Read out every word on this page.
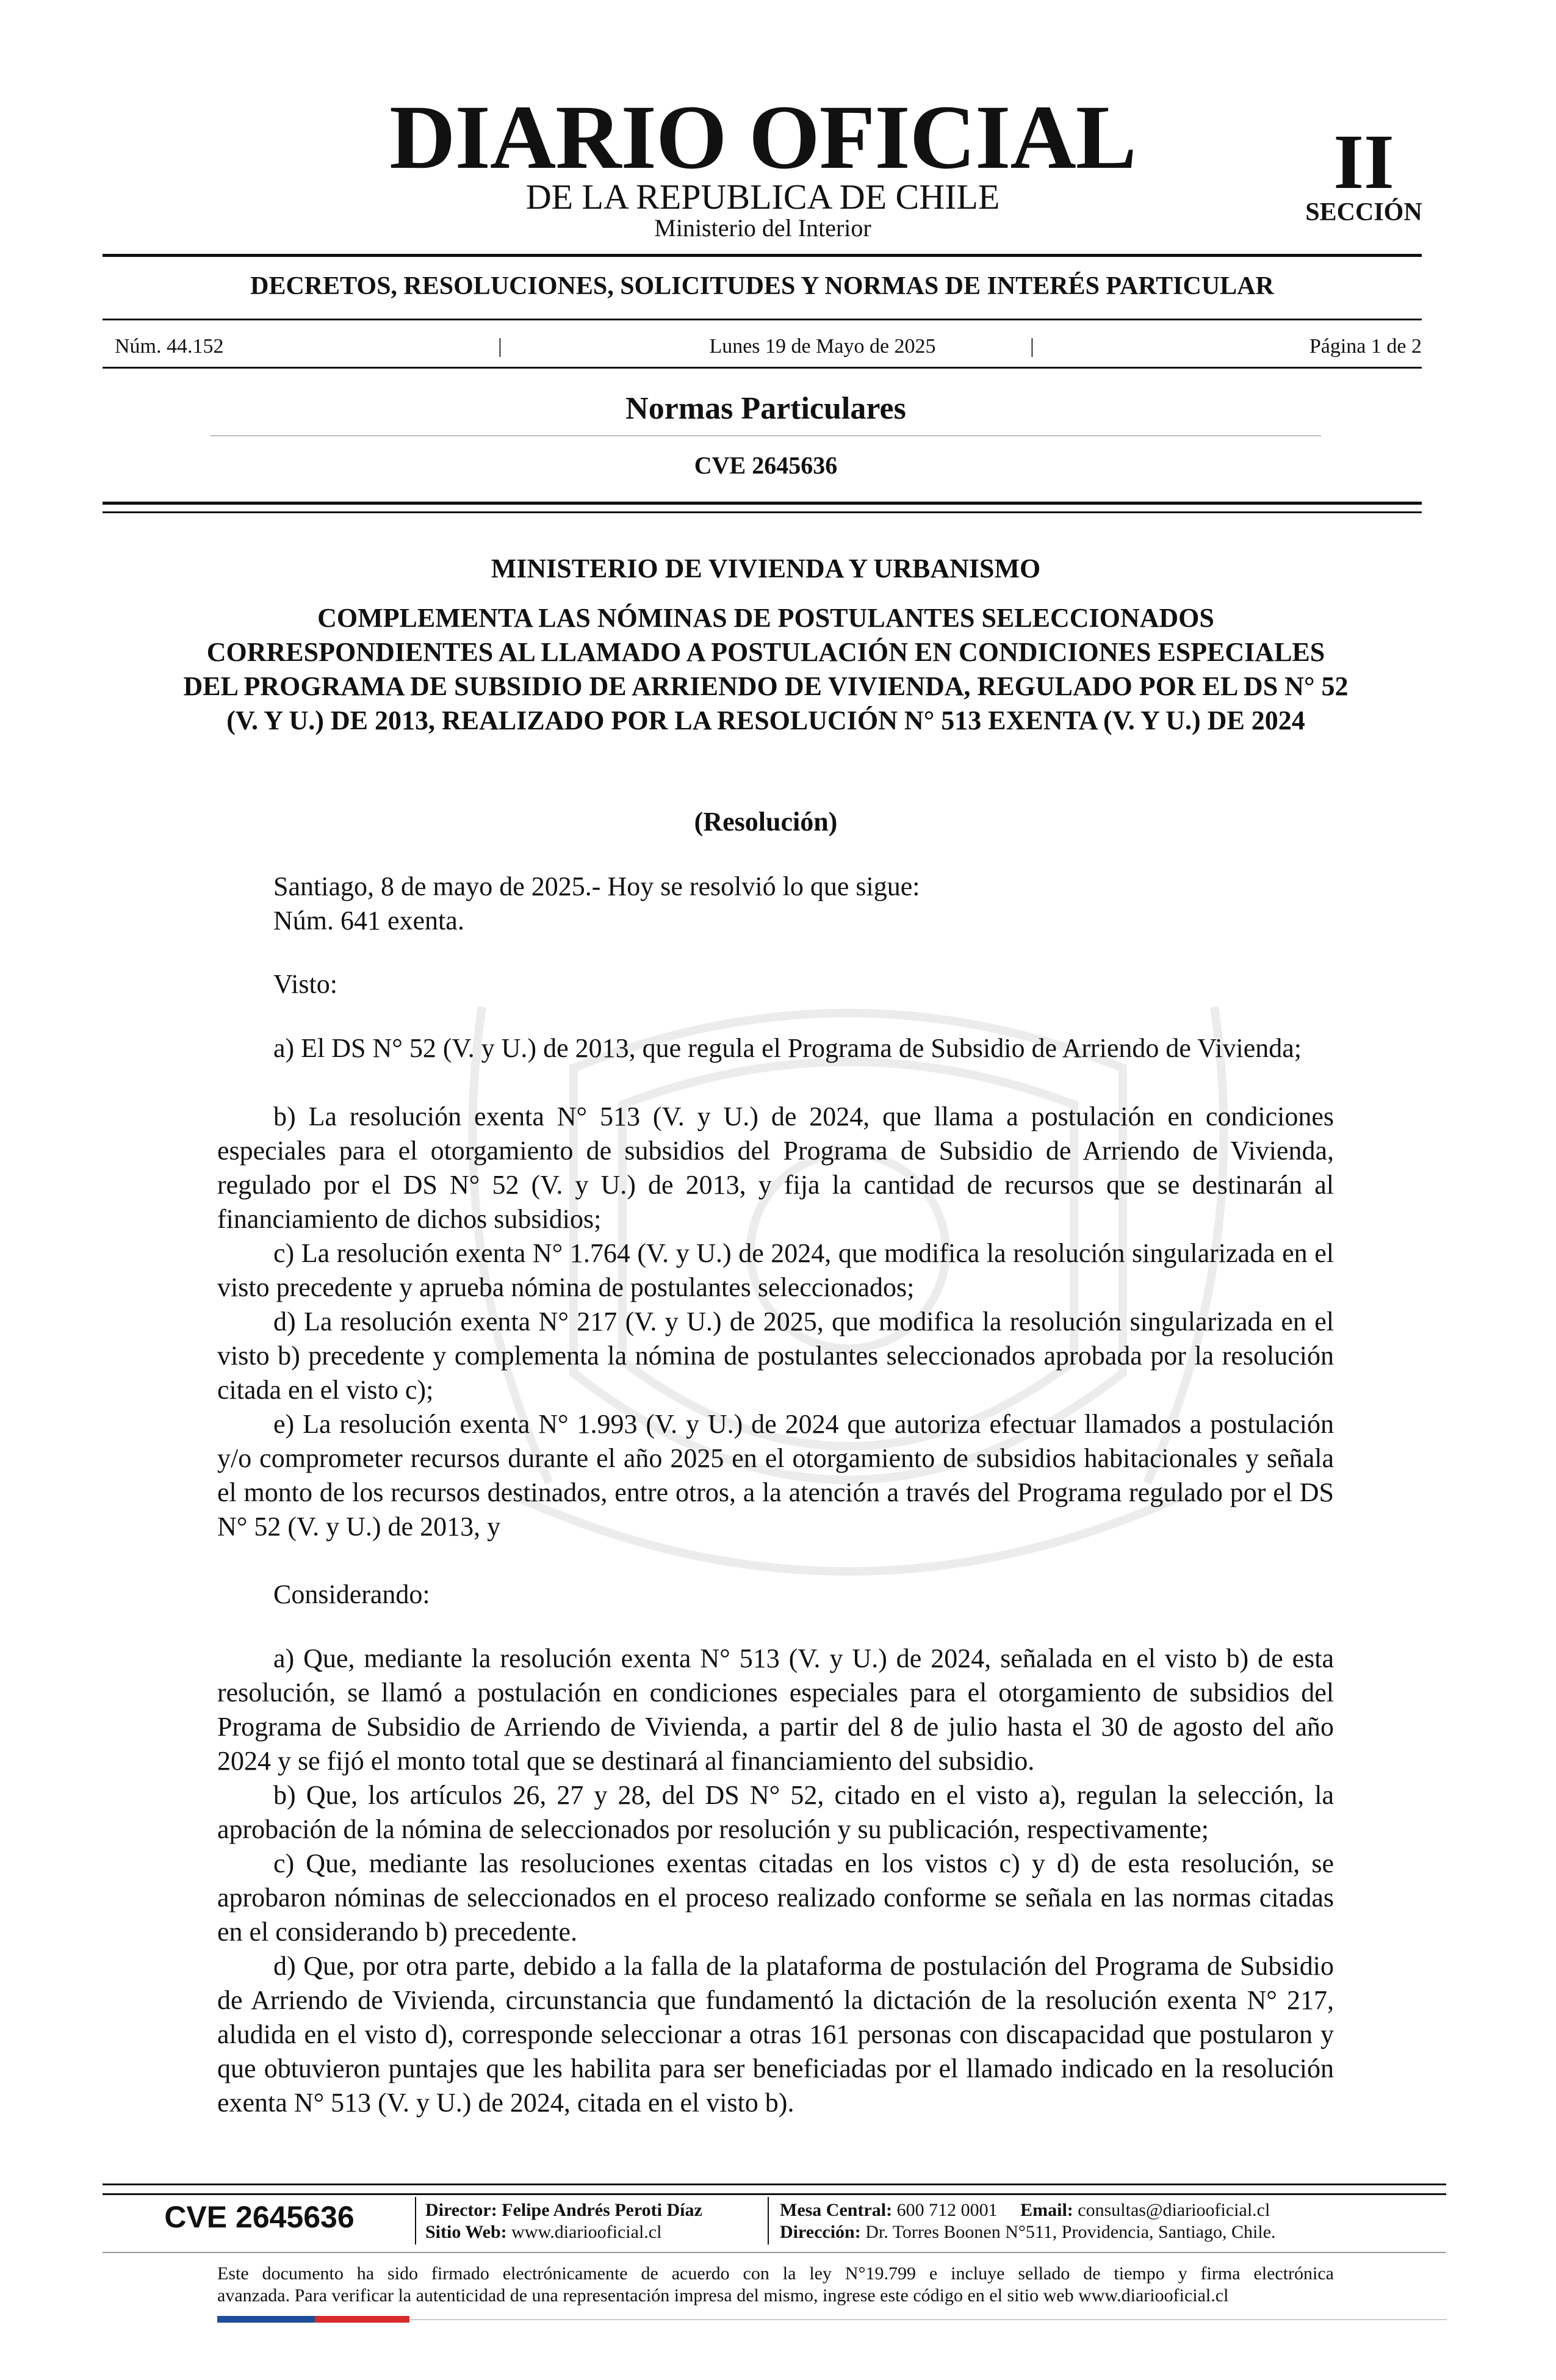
DIARIO OFICIAL
DE LA REPUBLICA DE CHILE
Ministerio del Interior
II
SECCIÓN
DECRETOS, RESOLUCIONES, SOLICITUDES Y NORMAS DE INTERÉS PARTICULAR
Núm. 44.152	|	Lunes 19 de Mayo de 2025	|	Página 1 de 2
Normas Particulares
CVE 2645636
MINISTERIO DE VIVIENDA Y URBANISMO
COMPLEMENTA LAS NÓMINAS DE POSTULANTES SELECCIONADOS CORRESPONDIENTES AL LLAMADO A POSTULACIÓN EN CONDICIONES ESPECIALES DEL PROGRAMA DE SUBSIDIO DE ARRIENDO DE VIVIENDA, REGULADO POR EL DS N° 52 (V. Y U.) DE 2013, REALIZADO POR LA RESOLUCIÓN N° 513 EXENTA (V. Y U.) DE 2024
(Resolución)

Santiago, 8 de mayo de 2025.- Hoy se resolvió lo que sigue:

Núm. 641 exenta.

Visto:

a) El DS N° 52 (V. y U.) de 2013, que regula el Programa de Subsidio de Arriendo de Vivienda;

b) La resolución exenta N° 513 (V. y U.) de 2024, que llama a postulación en condiciones especiales para el otorgamiento de subsidios del Programa de Subsidio de Arriendo de Vivienda, regulado por el DS N° 52 (V. y U.) de 2013, y fija la cantidad de recursos que se destinarán al financiamiento de dichos subsidios;

c) La resolución exenta N° 1.764 (V. y U.) de 2024, que modifica la resolución singularizada en el visto precedente y aprueba nómina de postulantes seleccionados;

d) La resolución exenta N° 217 (V. y U.) de 2025, que modifica la resolución singularizada en el visto b) precedente y complementa la nómina de postulantes seleccionados aprobada por la resolución citada en el visto c);

e) La resolución exenta N° 1.993 (V. y U.) de 2024 que autoriza efectuar llamados a postulación y/o comprometer recursos durante el año 2025 en el otorgamiento de subsidios habitacionales y señala el monto de los recursos destinados, entre otros, a la atención a través del Programa regulado por el DS N° 52 (V. y U.) de 2013, y

Considerando:

a) Que, mediante la resolución exenta N° 513 (V. y U.) de 2024, señalada en el visto b) de esta resolución, se llamó a postulación en condiciones especiales para el otorgamiento de subsidios del Programa de Subsidio de Arriendo de Vivienda, a partir del 8 de julio hasta el 30 de agosto del año 2024 y se fijó el monto total que se destinará al financiamiento del subsidio.

b) Que, los artículos 26, 27 y 28, del DS N° 52, citado en el visto a), regulan la selección, la aprobación de la nómina de seleccionados por resolución y su publicación, respectivamente;

c) Que, mediante las resoluciones exentas citadas en los vistos c) y d) de esta resolución, se aprobaron nóminas de seleccionados en el proceso realizado conforme se señala en las normas citadas en el considerando b) precedente.

d) Que, por otra parte, debido a la falla de la plataforma de postulación del Programa de Subsidio de Arriendo de Vivienda, circunstancia que fundamentó la dictación de la resolución exenta N° 217, aludida en el visto d), corresponde seleccionar a otras 161 personas con discapacidad que postularon y que obtuvieron puntajes que les habilita para ser beneficiadas por el llamado indicado en la resolución exenta N° 513 (V. y U.) de 2024, citada en el visto b).

CVE 2645636	Director: Felipe Andrés Peroti Díaz
Sitio Web: www.diariooficial.cl
Mesa Central: 600 712 0001 Email: consultas@diariooficial.cl
Dirección: Dr. Torres Boonen N°511, Providencia, Santiago, Chile.
Este documento ha sido firmado electrónicamente de acuerdo con la ley N°19.799 e incluye sellado de tiempo y firma electrónica
avanzada. Para verificar la autenticidad de una representación impresa del mismo, ingrese este código en el sitio web www.diariooficial.cl
